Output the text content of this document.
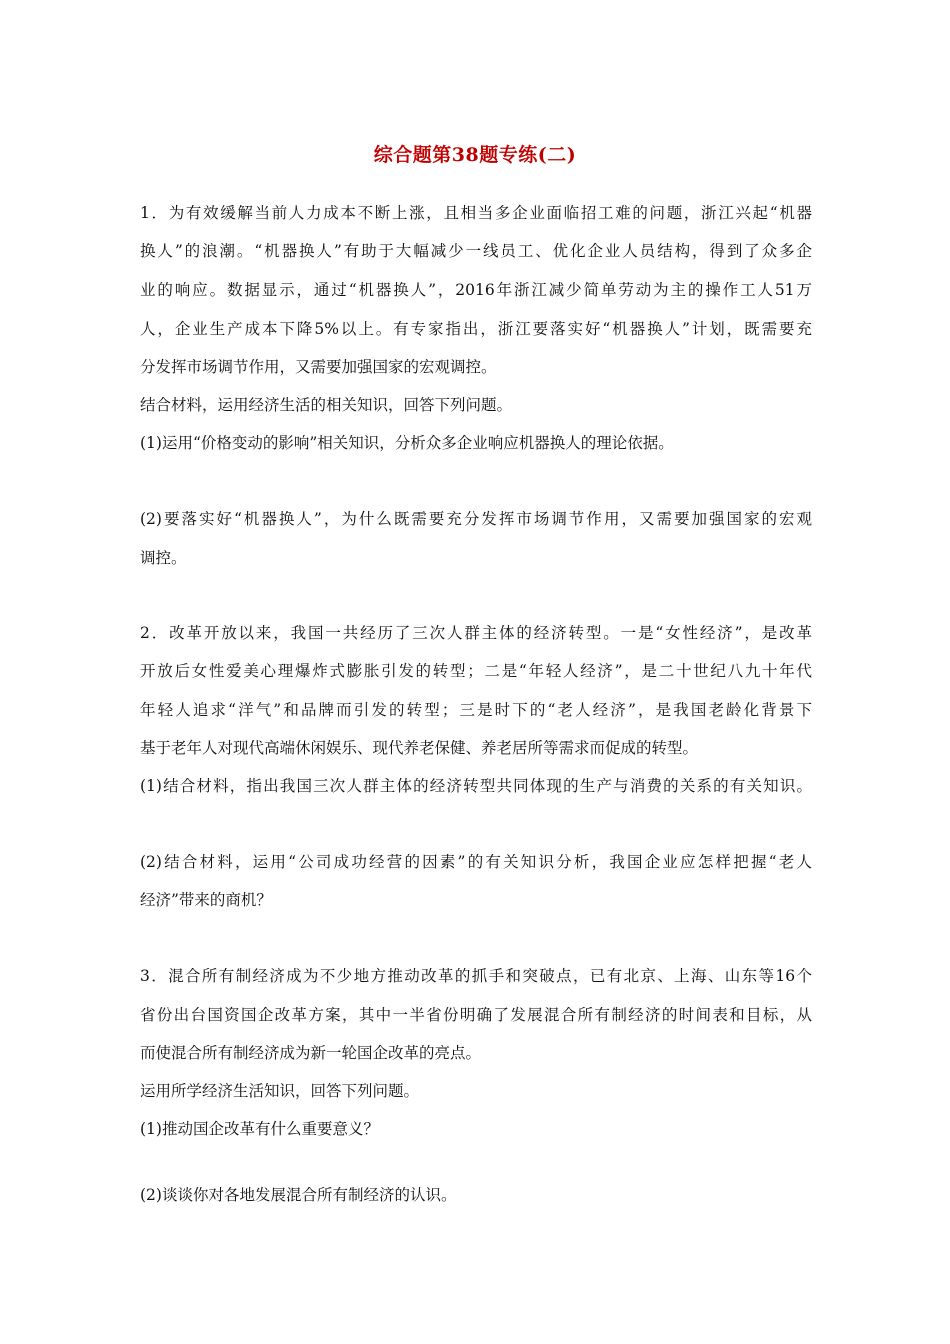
综合题第38题专练(二)
1．为有效缓解当前人力成本不断上涨，且相当多企业面临招工难的问题，浙江兴起“机器
换人”的浪潮。“机器换人”有助于大幅减少一线员工、优化企业人员结构，得到了众多企
业的响应。数据显示，通过“机器换人”，2016年浙江减少简单劳动为主的操作工人51万
人，企业生产成本下降5%以上。有专家指出，浙江要落实好“机器换人”计划，既需要充
分发挥市场调节作用，又需要加强国家的宏观调控。
结合材料，运用经济生活的相关知识，回答下列问题。
(1)运用“价格变动的影响”相关知识，分析众多企业响应机器换人的理论依据。
(2)要落实好“机器换人”，为什么既需要充分发挥市场调节作用，又需要加强国家的宏观
调控。
2．改革开放以来，我国一共经历了三次人群主体的经济转型。一是“女性经济”，是改革
开放后女性爱美心理爆炸式膨胀引发的转型；二是“年轻人经济”，是二十世纪八九十年代
年轻人追求“洋气”和品牌而引发的转型；三是时下的“老人经济”，是我国老龄化背景下
基于老年人对现代高端休闲娱乐、现代养老保健、养老居所等需求而促成的转型。
(1)结合材料，指出我国三次人群主体的经济转型共同体现的生产与消费的关系的有关知识。
(2)结合材料，运用“公司成功经营的因素”的有关知识分析，我国企业应怎样把握“老人
经济”带来的商机？
3．混合所有制经济成为不少地方推动改革的抓手和突破点，已有北京、上海、山东等16个
省份出台国资国企改革方案，其中一半省份明确了发展混合所有制经济的时间表和目标，从
而使混合所有制经济成为新一轮国企改革的亮点。
运用所学经济生活知识，回答下列问题。
(1)推动国企改革有什么重要意义？
(2)谈谈你对各地发展混合所有制经济的认识。
